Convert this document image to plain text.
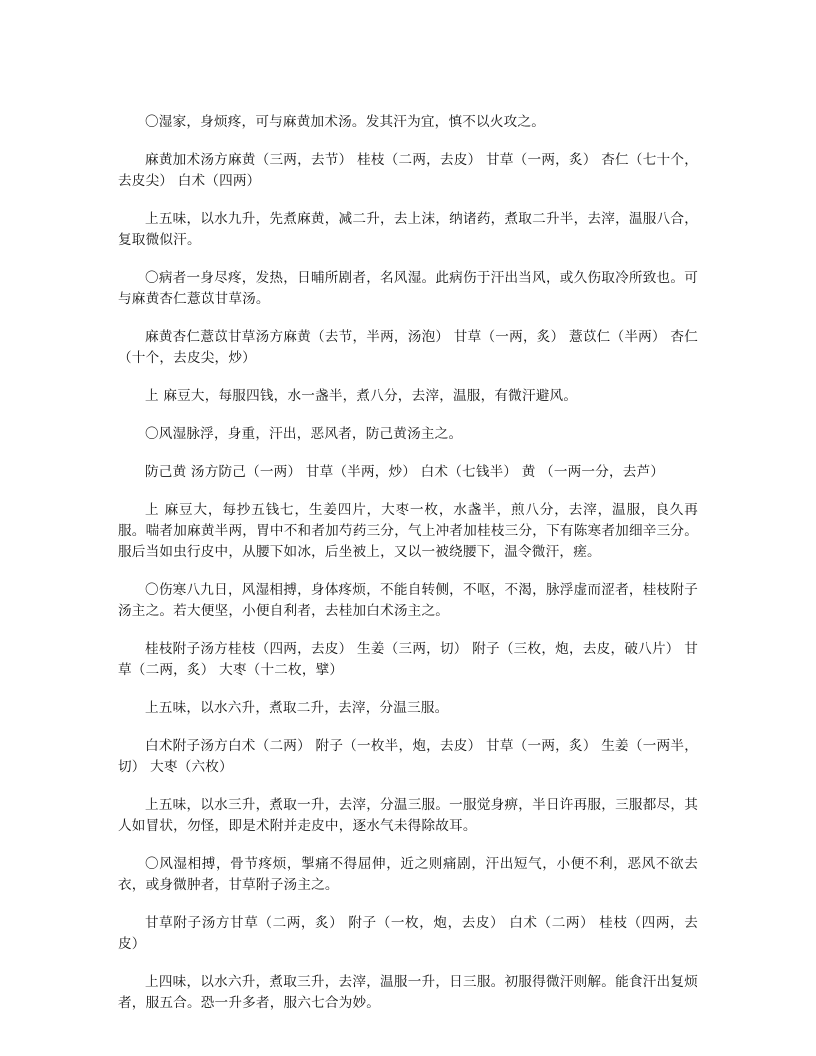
〇湿家，身烦疼，可与麻黄加术汤。发其汗为宜，慎不以火攻之。

麻黄加术汤方麻黄（三两，去节） 桂枝（二两，去皮） 甘草（一两，炙） 杏仁（七十个，去皮尖） 白术（四两）

上五味，以水九升，先煮麻黄，减二升，去上沫，纳诸药，煮取二升半，去滓，温服八合，复取微似汗。

〇病者一身尽疼，发热，日晡所剧者，名风湿。此病伤于汗出当风，或久伤取冷所致也。可与麻黄杏仁薏苡甘草汤。

麻黄杏仁薏苡甘草汤方麻黄（去节，半两，汤泡） 甘草（一两，炙） 薏苡仁（半两） 杏仁（十个，去皮尖，炒）

上 麻豆大，每服四钱，水一盏半，煮八分，去滓，温服，有微汗避风。

〇风湿脉浮，身重，汗出，恶风者，防己黄汤主之。

防己黄 汤方防己（一两） 甘草（半两，炒） 白术（七钱半） 黄 （一两一分，去芦）

上 麻豆大，每抄五钱七，生姜四片，大枣一枚，水盏半，煎八分，去滓，温服，良久再服。喘者加麻黄半两，胃中不和者加芍药三分，气上冲者加桂枝三分，下有陈寒者加细辛三分。服后当如虫行皮中，从腰下如冰，后坐被上，又以一被绕腰下，温令微汗，瘥。

〇伤寒八九日，风湿相搏，身体疼烦，不能自转侧，不呕，不渴，脉浮虚而涩者，桂枝附子汤主之。若大便坚，小便自利者，去桂加白术汤主之。

桂枝附子汤方桂枝（四两，去皮） 生姜（三两，切） 附子（三枚，炮，去皮，破八片） 甘草（二两，炙） 大枣（十二枚，擘）

上五味，以水六升，煮取二升，去滓，分温三服。

白术附子汤方白术（二两） 附子（一枚半，炮，去皮） 甘草（一两，炙） 生姜（一两半，切） 大枣（六枚）

上五味，以水三升，煮取一升，去滓，分温三服。一服觉身痹，半日许再服，三服都尽，其人如冒状，勿怪，即是术附并走皮中，逐水气未得除故耳。

〇风湿相搏，骨节疼烦，掣痛不得屈伸，近之则痛剧，汗出短气，小便不利，恶风不欲去衣，或身微肿者，甘草附子汤主之。

甘草附子汤方甘草（二两，炙） 附子（一枚，炮，去皮） 白术（二两） 桂枝（四两，去皮）

上四味，以水六升，煮取三升，去滓，温服一升，日三服。初服得微汗则解。能食汗出复烦者，服五合。恐一升多者，服六七合为妙。
